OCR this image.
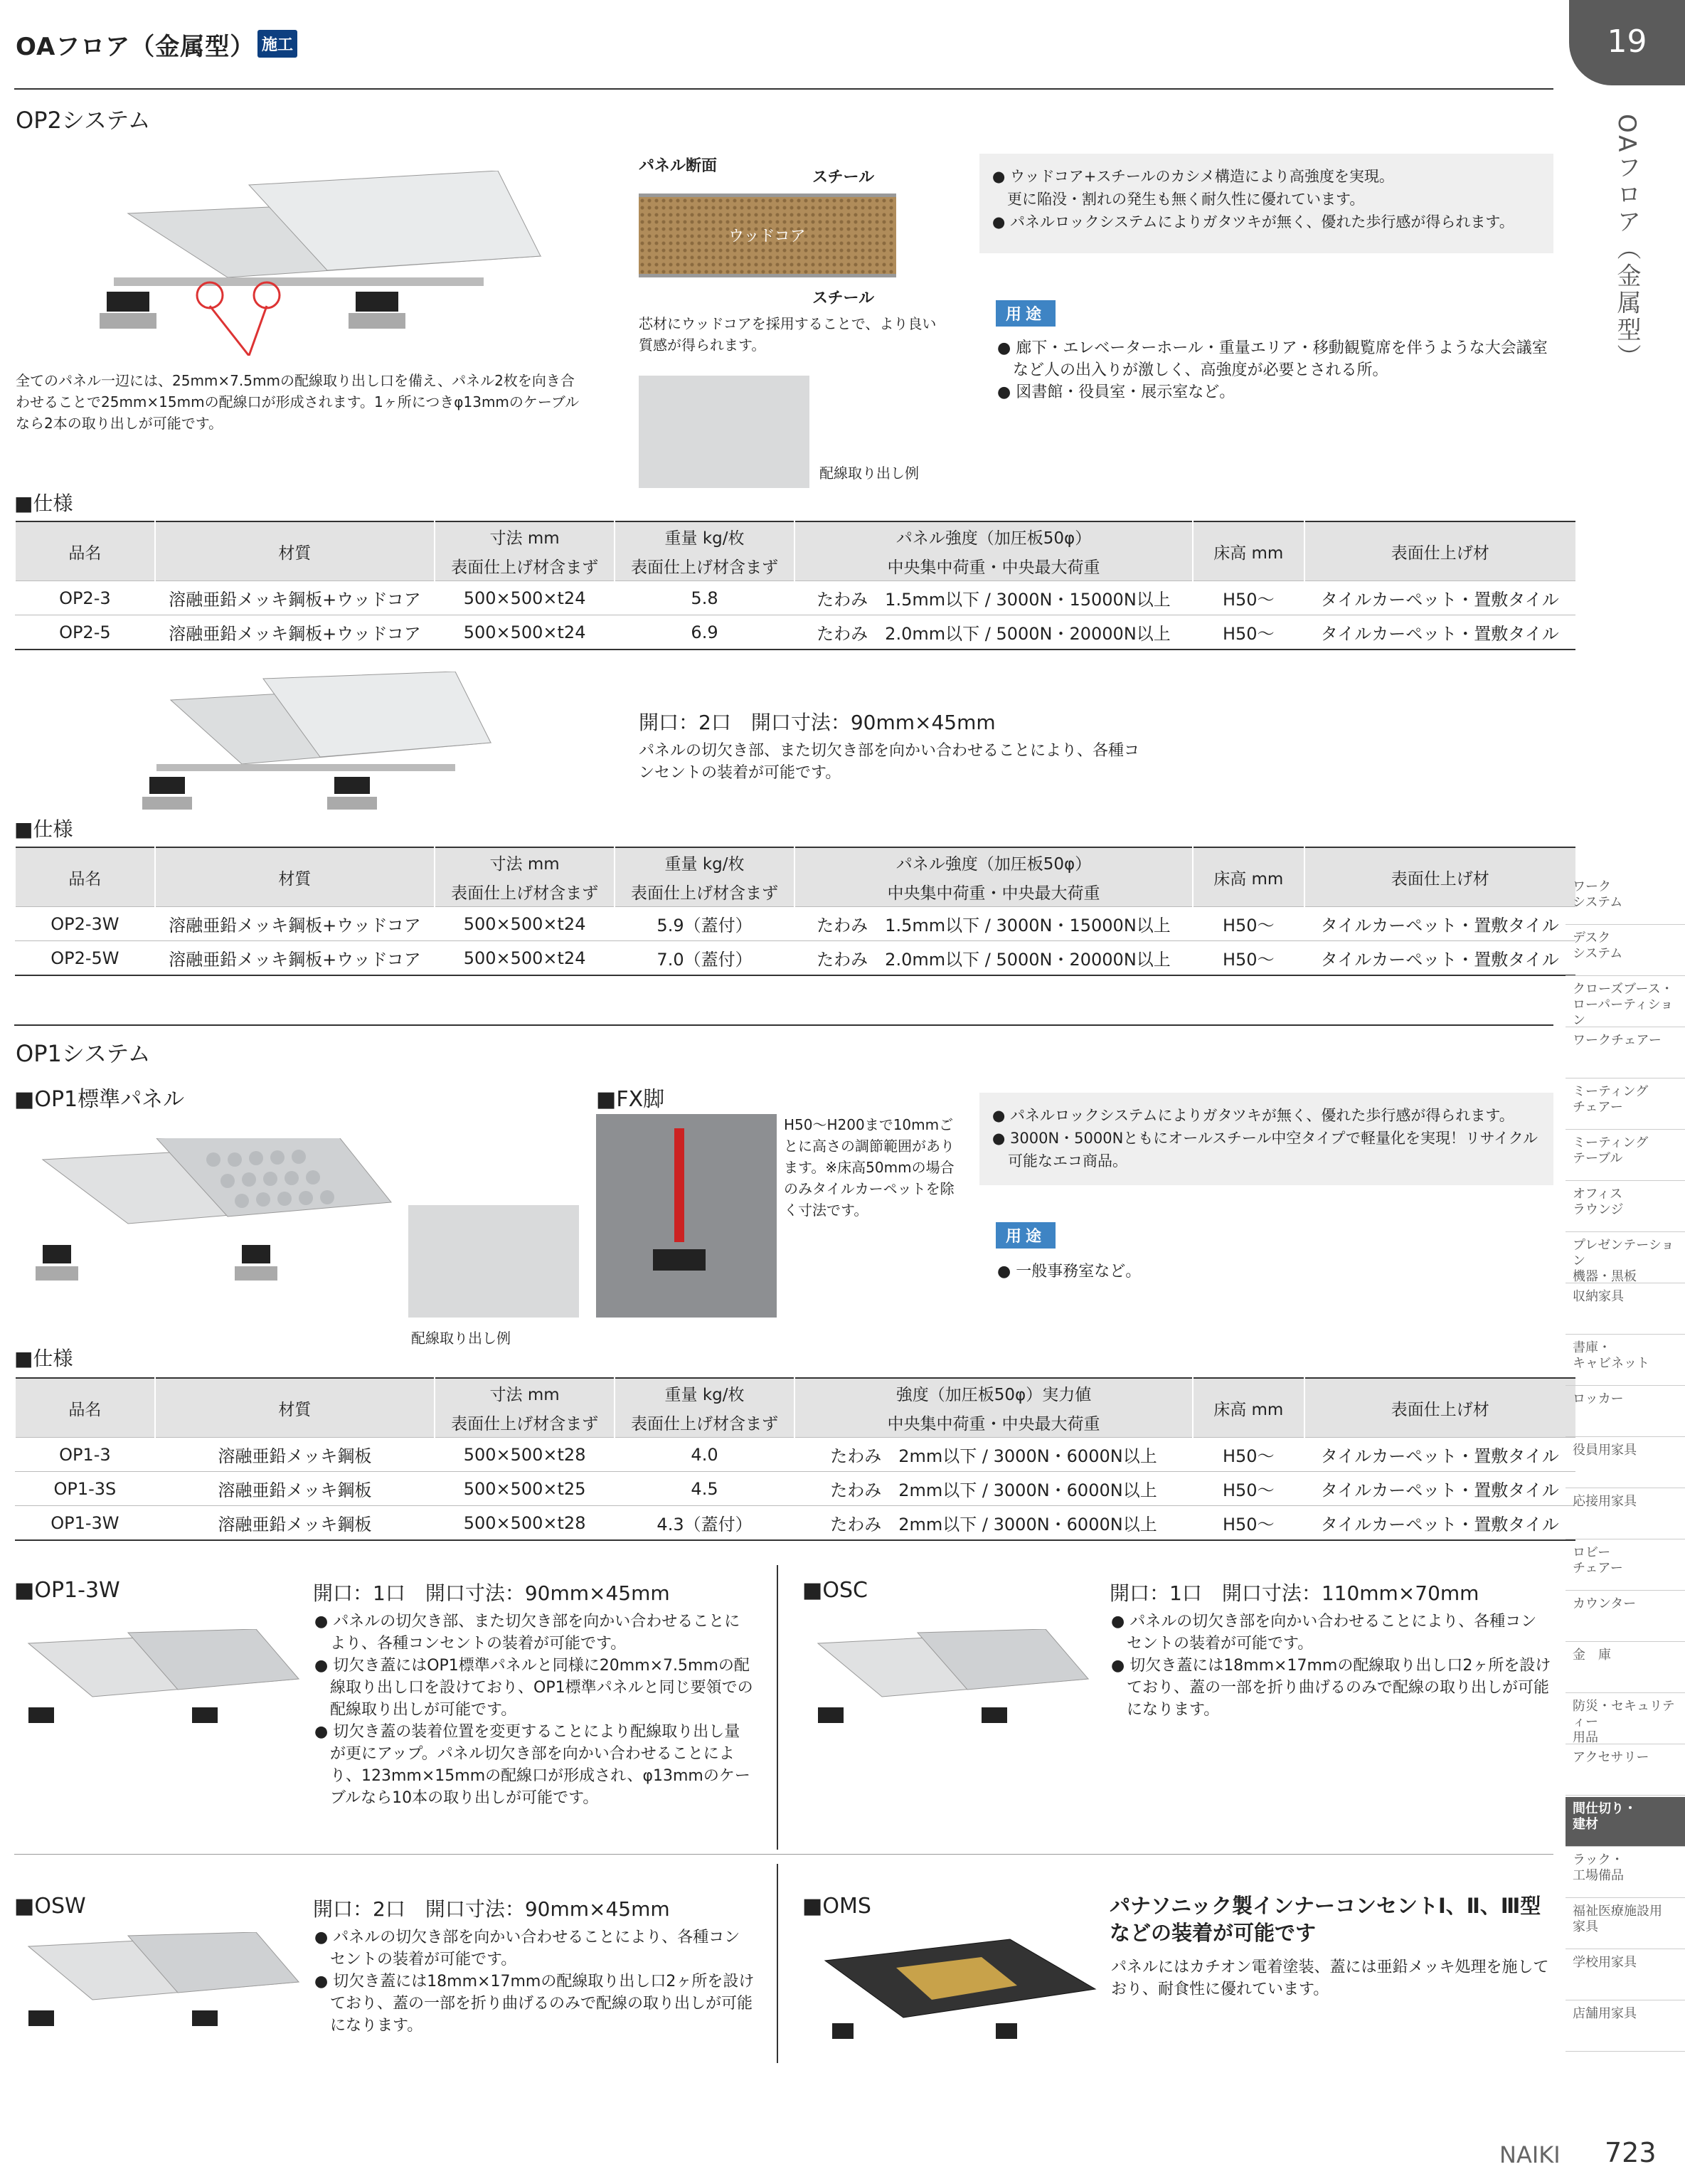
OAフロア（金属型） 施工	19
OAフロア（金属型）
OP2システム
全てのパネル一辺には、25mm×7.5mmの配線取り出し口を備え、パネル2枚を向き合わせることで25mm×15mmの配線口が形成されます。1ヶ所につきφ13mmのケーブルなら2本の取り出しが可能です。
パネル断面
スチール
ウッドコア
スチール
芯材にウッドコアを採用することで、より良い質感が得られます。
配線取り出し例
● ウッドコア+スチールのカシメ構造により高強度を実現。
　更に陥没・割れの発生も無く耐久性に優れています。
● パネルロックシステムによりガタツキが無く、優れた歩行感が得られます。
用途
● 廊下・エレベーターホール・重量エリア・移動観覧席を伴うような大会議室など人の出入りが激しく、高強度が必要とされる所。
● 図書館・役員室・展示室など。
■仕様
品名	材質	寸法 mm	重量 kg/枚	パネル強度（加圧板50φ）	床高 mm	表面仕上げ材
		表面仕上げ材含まず	表面仕上げ材含まず	中央集中荷重・中央最大荷重		
OP2-3	溶融亜鉛メッキ鋼板+ウッドコア	500×500×t24	5.8	たわみ　1.5mm以下 / 3000N・15000N以上	H50〜	タイルカーペット・置敷タイル
OP2-5	溶融亜鉛メッキ鋼板+ウッドコア	500×500×t24	6.9	たわみ　2.0mm以下 / 5000N・20000N以上	H50〜	タイルカーペット・置敷タイル
開口：2口　開口寸法：90mm×45mm
パネルの切欠き部、また切欠き部を向かい合わせることにより、各種コンセントの装着が可能です。
■仕様
品名	材質	寸法 mm	重量 kg/枚	パネル強度（加圧板50φ）	床高 mm	表面仕上げ材
		表面仕上げ材含まず	表面仕上げ材含まず	中央集中荷重・中央最大荷重		
OP2-3W	溶融亜鉛メッキ鋼板+ウッドコア	500×500×t24	5.9（蓋付）	たわみ　1.5mm以下 / 3000N・15000N以上	H50〜	タイルカーペット・置敷タイル
OP2-5W	溶融亜鉛メッキ鋼板+ウッドコア	500×500×t24	7.0（蓋付）	たわみ　2.0mm以下 / 5000N・20000N以上	H50〜	タイルカーペット・置敷タイル
OP1システム
■OP1標準パネル
配線取り出し例
■FX脚
H50〜H200まで10mmごとに高さの調節範囲があります。※床高50mmの場合のみタイルカーペットを除く寸法です。
● パネルロックシステムによりガタツキが無く、優れた歩行感が得られます。
● 3000N・5000Nともにオールスチール中空タイプで軽量化を実現！リサイクル可能なエコ商品。
用途
● 一般事務室など。
■仕様
品名	材質	寸法 mm	重量 kg/枚	強度（加圧板50φ）実力値	床高 mm	表面仕上げ材
		表面仕上げ材含まず	表面仕上げ材含まず	中央集中荷重・中央最大荷重		
OP1-3	溶融亜鉛メッキ鋼板	500×500×t28	4.0	たわみ　2mm以下 / 3000N・6000N以上	H50〜	タイルカーペット・置敷タイル
OP1-3S	溶融亜鉛メッキ鋼板	500×500×t25	4.5	たわみ　2mm以下 / 3000N・6000N以上	H50〜	タイルカーペット・置敷タイル
OP1-3W	溶融亜鉛メッキ鋼板	500×500×t28	4.3（蓋付）	たわみ　2mm以下 / 3000N・6000N以上	H50〜	タイルカーペット・置敷タイル
■OP1-3W	開口：1口　開口寸法：90mm×45mm
● パネルの切欠き部、また切欠き部を向かい合わせることにより、各種コンセントの装着が可能です。
● 切欠き蓋にはOP1標準パネルと同様に20mm×7.5mmの配線取り出し口を設けており、OP1標準パネルと同じ要領での配線取り出しが可能です。
● 切欠き蓋の装着位置を変更することにより配線取り出し量が更にアップ。パネル切欠き部を向かい合わせることにより、123mm×15mmの配線口が形成され、φ13mmのケーブルなら10本の取り出しが可能です。
■OSC	開口：1口　開口寸法：110mm×70mm
● パネルの切欠き部を向かい合わせることにより、各種コンセントの装着が可能です。
● 切欠き蓋には18mm×17mmの配線取り出し口2ヶ所を設けており、蓋の一部を折り曲げるのみで配線の取り出しが可能になります。
■OSW	開口：2口　開口寸法：90mm×45mm
● パネルの切欠き部を向かい合わせることにより、各種コンセントの装着が可能です。
● 切欠き蓋には18mm×17mmの配線取り出し口2ヶ所を設けており、蓋の一部を折り曲げるのみで配線の取り出しが可能になります。
■OMS	パナソニック製インナーコンセントⅠ、Ⅱ、Ⅲ型などの装着が可能です
パネルにはカチオン電着塗装、蓋には亜鉛メッキ処理を施しており、耐食性に優れています。
ワーク
システム
デスク
システム
クローズブース・
ローパーティション
ワークチェアー
ミーティング
チェアー
ミーティング
テーブル
オフィス
ラウンジ
プレゼンテーション
機器・黒板
収納家具
書庫・
キャビネット
ロッカー
役員用家具
応接用家具
ロビー
チェアー
カウンター
金　庫
防災・セキュリティー
用品
アクセサリー
間仕切り・
建材
ラック・
工場備品
福祉医療施設用
家具
学校用家具
店舗用家具
NAIKI 723
